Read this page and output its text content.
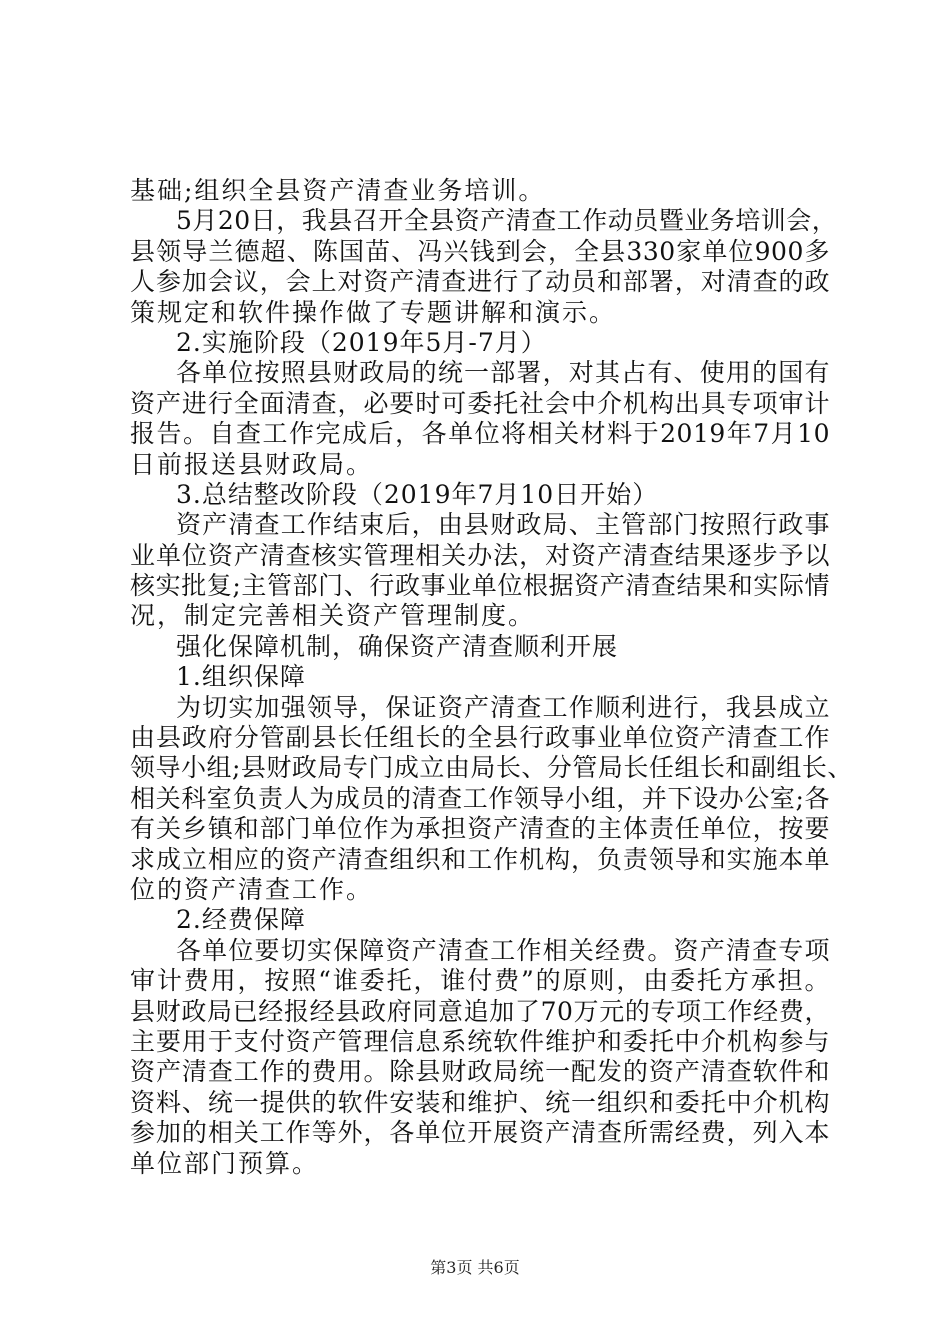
基础;组织全县资产清查业务培训。
5月20日，我县召开全县资产清查工作动员暨业务培训会，
县领导兰德超、陈国苗、冯兴钱到会，全县330家单位900多
人参加会议，会上对资产清查进行了动员和部署，对清查的政
策规定和软件操作做了专题讲解和演示。
2.实施阶段（2019年5月-7月）
各单位按照县财政局的统一部署，对其占有、使用的国有
资产进行全面清查，必要时可委托社会中介机构出具专项审计
报告。自查工作完成后，各单位将相关材料于2019年7月10
日前报送县财政局。
3.总结整改阶段（2019年7月10日开始）
资产清查工作结束后，由县财政局、主管部门按照行政事
业单位资产清查核实管理相关办法，对资产清查结果逐步予以
核实批复;主管部门、行政事业单位根据资产清查结果和实际情
况，制定完善相关资产管理制度。
强化保障机制，确保资产清查顺利开展
1.组织保障
为切实加强领导，保证资产清查工作顺利进行，我县成立
由县政府分管副县长任组长的全县行政事业单位资产清查工作
领导小组;县财政局专门成立由局长、分管局长任组长和副组长、
相关科室负责人为成员的清查工作领导小组，并下设办公室;各
有关乡镇和部门单位作为承担资产清查的主体责任单位，按要
求成立相应的资产清查组织和工作机构，负责领导和实施本单
位的资产清查工作。
2.经费保障
各单位要切实保障资产清查工作相关经费。资产清查专项
审计费用，按照“谁委托，谁付费”的原则，由委托方承担。
县财政局已经报经县政府同意追加了70万元的专项工作经费，
主要用于支付资产管理信息系统软件维护和委托中介机构参与
资产清查工作的费用。除县财政局统一配发的资产清查软件和
资料、统一提供的软件安装和维护、统一组织和委托中介机构
参加的相关工作等外，各单位开展资产清查所需经费，列入本
单位部门预算。
第3页 共6页
